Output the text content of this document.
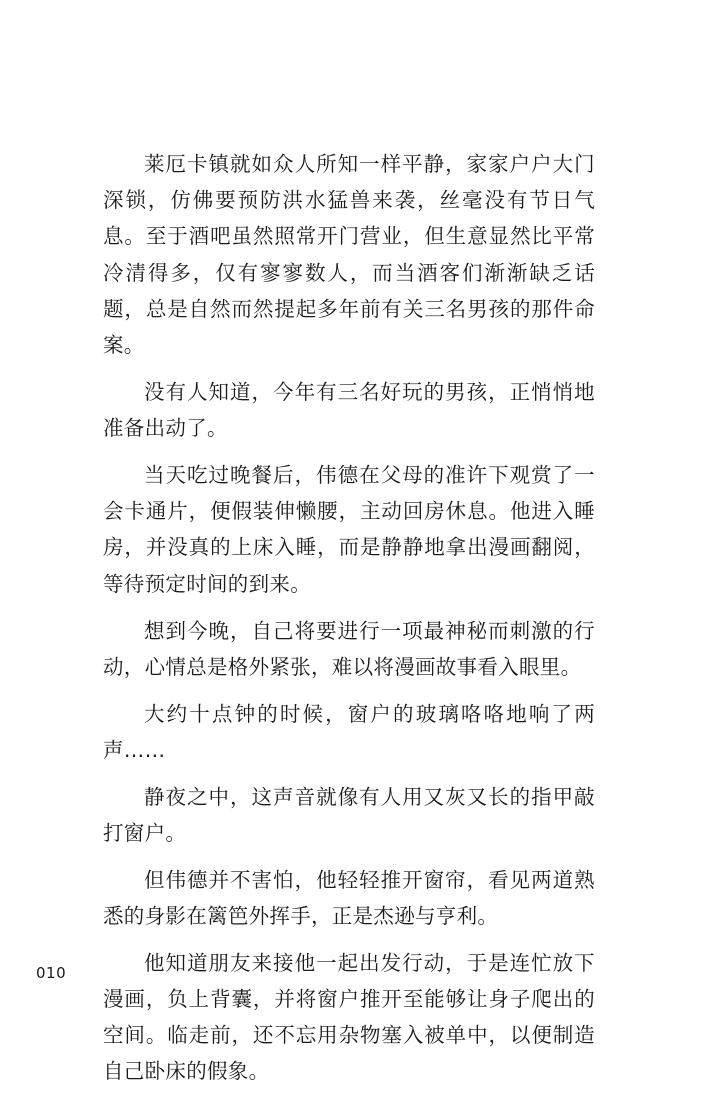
莱厄卡镇就如众人所知一样平静，家家户户大门深锁，仿佛要预防洪水猛兽来袭，丝毫没有节日气息。至于酒吧虽然照常开门营业，但生意显然比平常冷清得多，仅有寥寥数人，而当酒客们渐渐缺乏话题，总是自然而然提起多年前有关三名男孩的那件命案。

没有人知道，今年有三名好玩的男孩，正悄悄地准备出动了。

当天吃过晚餐后，伟德在父母的准许下观赏了一会卡通片，便假装伸懒腰，主动回房休息。他进入睡房，并没真的上床入睡，而是静静地拿出漫画翻阅，等待预定时间的到来。

想到今晚，自己将要进行一项最神秘而刺激的行动，心情总是格外紧张，难以将漫画故事看入眼里。

大约十点钟的时候，窗户的玻璃咯咯地响了两声……

静夜之中，这声音就像有人用又灰又长的指甲敲打窗户。

但伟德并不害怕，他轻轻推开窗帘，看见两道熟悉的身影在篱笆外挥手，正是杰逊与亨利。

他知道朋友来接他一起出发行动，于是连忙放下漫画，负上背囊，并将窗户推开至能够让身子爬出的空间。临走前，还不忘用杂物塞入被单中，以便制造自己卧床的假象。

010
